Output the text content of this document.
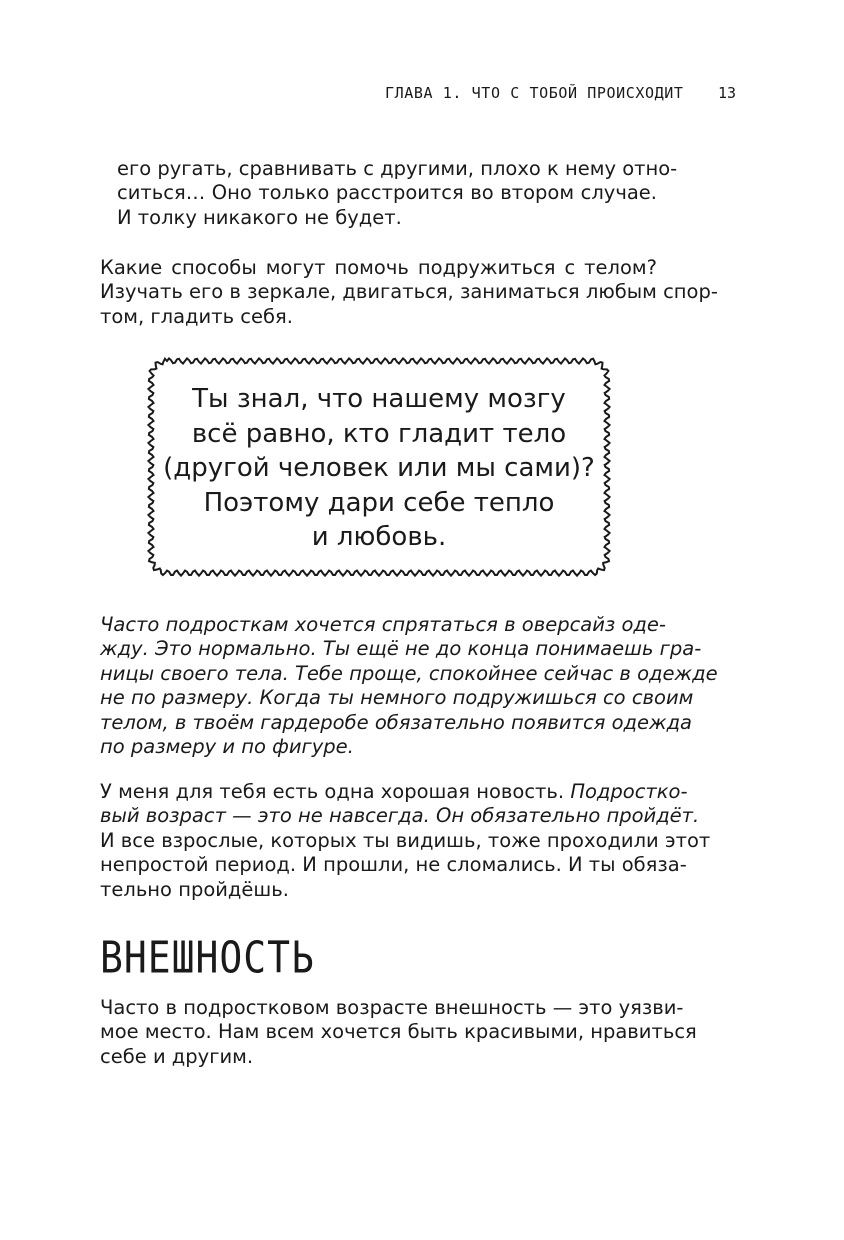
ГЛАВА 1. ЧТО С ТОБОЙ ПРОИСХОДИТ 13

его ругать, сравнивать с другими, плохо к нему отно-
ситься… Оно только расстроится во втором случае.
И толку никакого не будет.

Какие способы могут помочь подружиться с телом?
Изучать его в зеркале, двигаться, заниматься любым спор-
том, гладить себя.

Ты знал, что нашему мозгу
всё равно, кто гладит тело
(другой человек или мы сами)?
Поэтому дари себе тепло
и любовь.

Часто подросткам хочется спрятаться в оверсайз оде-
жду. Это нормально. Ты ещё не до конца понимаешь гра-
ницы своего тела. Тебе проще, спокойнее сейчас в одежде
не по размеру. Когда ты немного подружишься со своим
телом, в твоём гардеробе обязательно появится одежда
по размеру и по фигуре.

У меня для тебя есть одна хорошая новость. Подростко-
вый возраст — это не навсегда. Он обязательно пройдёт.
И все взрослые, которых ты видишь, тоже проходили этот
непростой период. И прошли, не сломались. И ты обяза-
тельно пройдёшь.

ВНЕШНОСТЬ

Часто в подростковом возрасте внешность — это уязви-
мое место. Нам всем хочется быть красивыми, нравиться
себе и другим.
